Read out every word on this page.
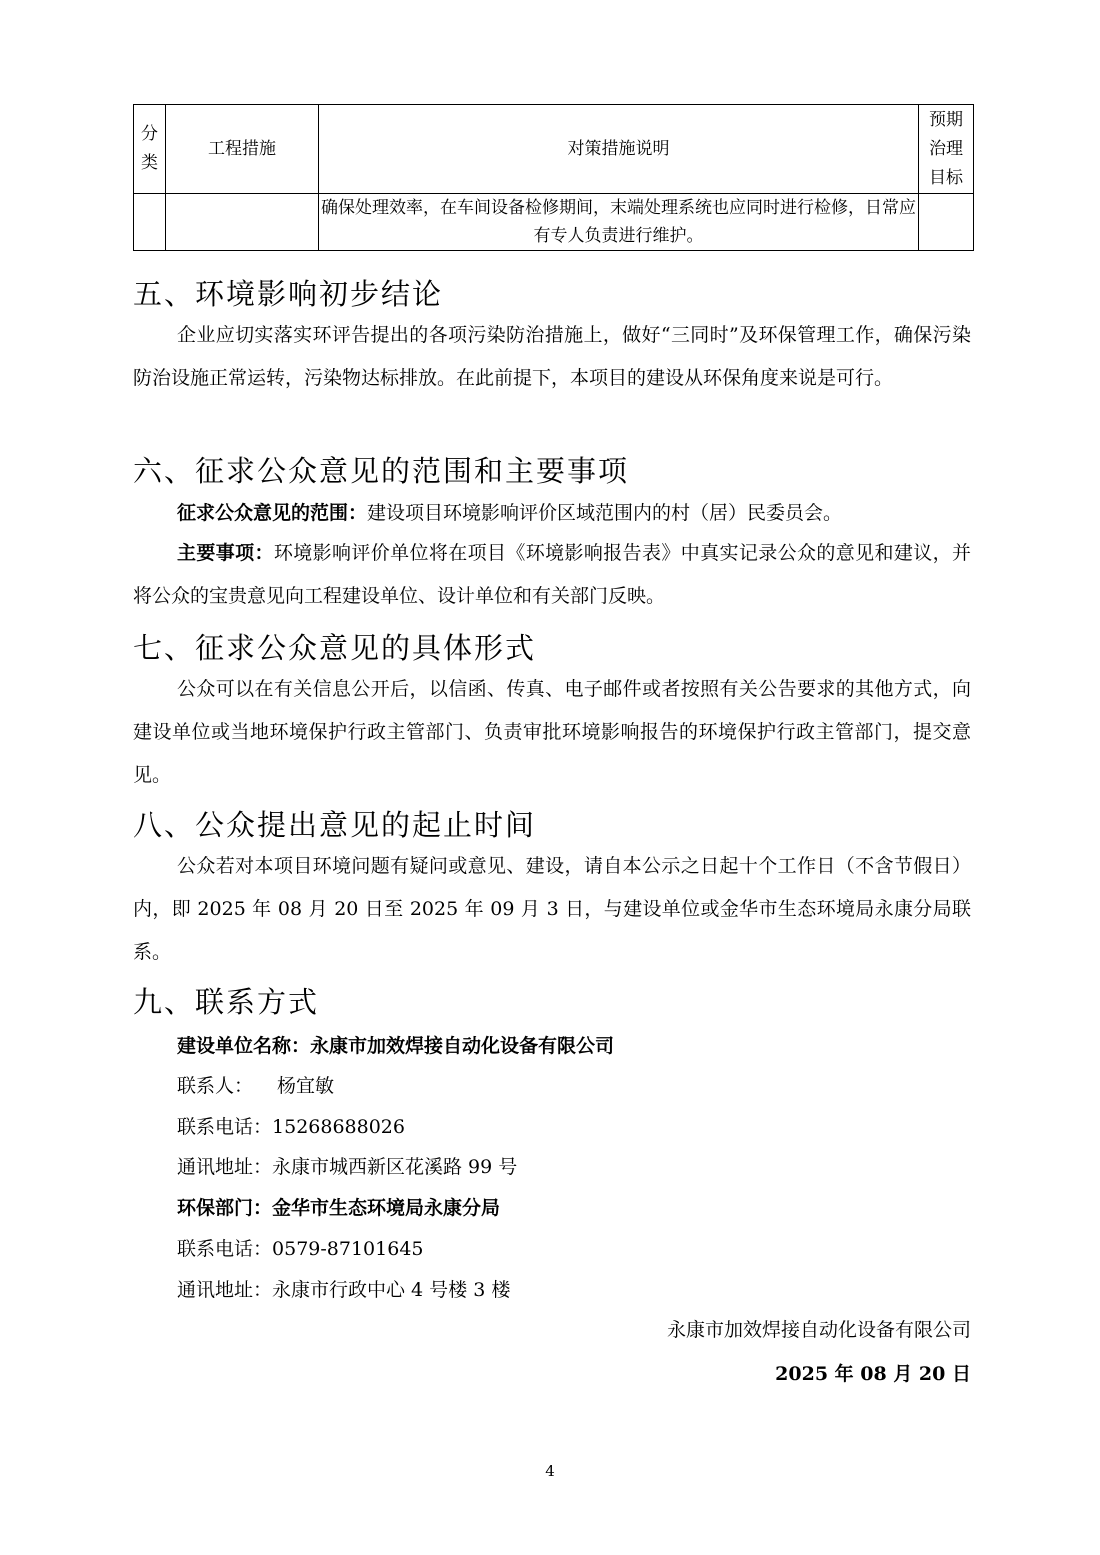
分类	工程措施	对策措施说明	预期治理目标

		确保处理效率，在车间设备检修期间，末端处理系统也应同时进行检修，日常应有专人负责进行维护。	

五、环境影响初步结论

企业应切实落实环评告提出的各项污染防治措施上，做好“三同时”及环保管理工作，确保污染防治设施正常运转，污染物达标排放。在此前提下，本项目的建设从环保角度来说是可行。

六、征求公众意见的范围和主要事项

征求公众意见的范围：建设项目环境影响评价区域范围内的村（居）民委员会。

主要事项：环境影响评价单位将在项目《环境影响报告表》中真实记录公众的意见和建议，并将公众的宝贵意见向工程建设单位、设计单位和有关部门反映。

七、征求公众意见的具体形式

公众可以在有关信息公开后，以信函、传真、电子邮件或者按照有关公告要求的其他方式，向建设单位或当地环境保护行政主管部门、负责审批环境影响报告的环境保护行政主管部门，提交意见。

八、公众提出意见的起止时间

公众若对本项目环境问题有疑问或意见、建设，请自本公示之日起十个工作日（不含节假日）内，即 2025 年 08 月 20 日至 2025 年 09 月 3 日，与建设单位或金华市生态环境局永康分局联系。

九、联系方式

建设单位名称：永康市加效焊接自动化设备有限公司

联系人： 杨宜敏

联系电话：15268688026

通讯地址：永康市城西新区花溪路 99 号

环保部门：金华市生态环境局永康分局

联系电话：0579-87101645

通讯地址：永康市行政中心 4 号楼 3 楼

永康市加效焊接自动化设备有限公司

2025 年 08 月 20 日

4
